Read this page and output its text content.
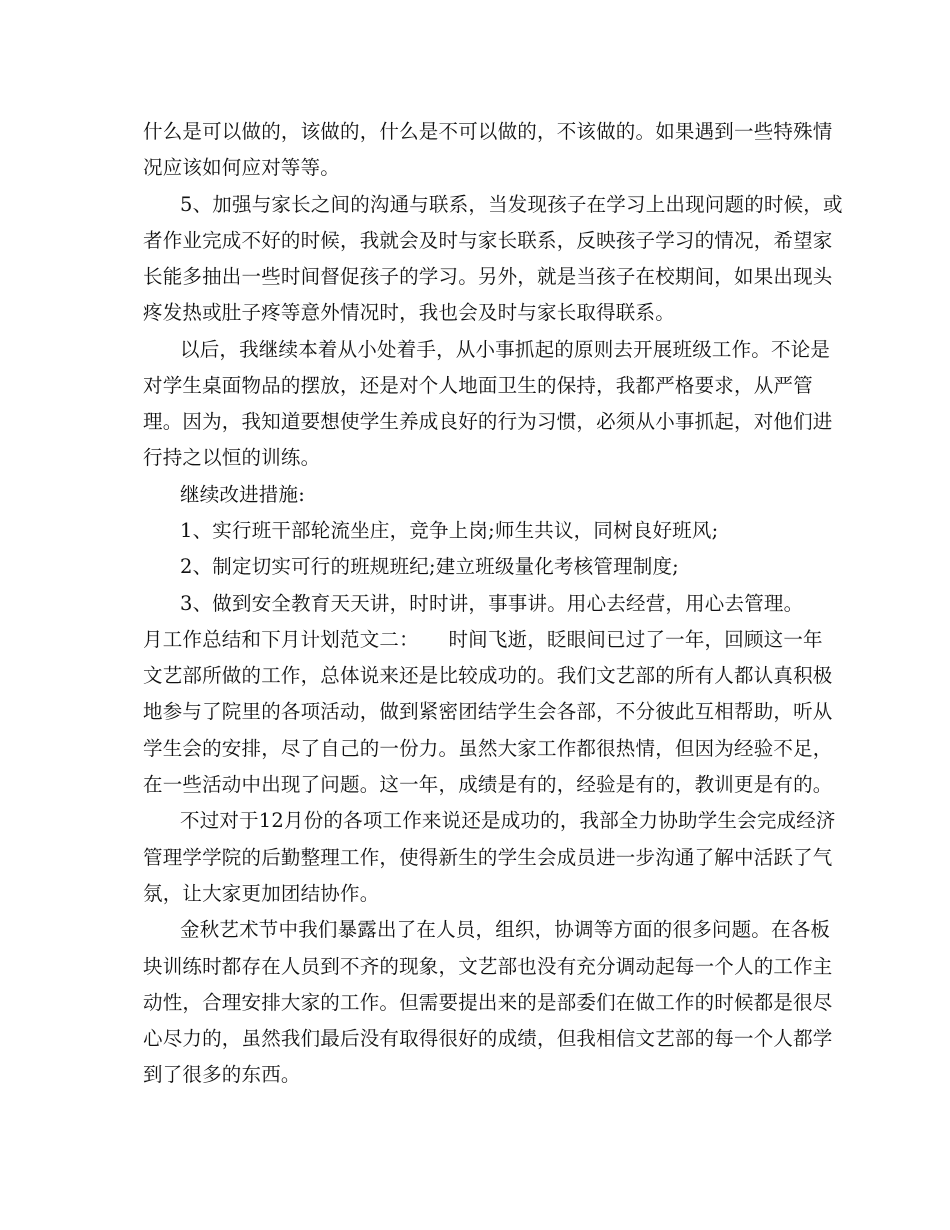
什么是可以做的，该做的，什么是不可以做的，不该做的。如果遇到一些特殊情
况应该如何应对等等。
5、加强与家长之间的沟通与联系，当发现孩子在学习上出现问题的时候，或
者作业完成不好的时候，我就会及时与家长联系，反映孩子学习的情况，希望家
长能多抽出一些时间督促孩子的学习。另外，就是当孩子在校期间，如果出现头
疼发热或肚子疼等意外情况时，我也会及时与家长取得联系。
以后，我继续本着从小处着手，从小事抓起的原则去开展班级工作。不论是
对学生桌面物品的摆放，还是对个人地面卫生的保持，我都严格要求，从严管
理。因为，我知道要想使学生养成良好的行为习惯，必须从小事抓起，对他们进
行持之以恒的训练。
继续改进措施:
1、实行班干部轮流坐庄，竞争上岗;师生共议，同树良好班风;
2、制定切实可行的班规班纪;建立班级量化考核管理制度;
3、做到安全教育天天讲，时时讲，事事讲。用心去经营，用心去管理。
月工作总结和下月计划范文二：　　时间飞逝，眨眼间已过了一年，回顾这一年
文艺部所做的工作，总体说来还是比较成功的。我们文艺部的所有人都认真积极
地参与了院里的各项活动，做到紧密团结学生会各部，不分彼此互相帮助，听从
学生会的安排，尽了自己的一份力。虽然大家工作都很热情，但因为经验不足，
在一些活动中出现了问题。这一年，成绩是有的，经验是有的，教训更是有的。
不过对于12月份的各项工作来说还是成功的，我部全力协助学生会完成经济
管理学学院的后勤整理工作，使得新生的学生会成员进一步沟通了解中活跃了气
氛，让大家更加团结协作。
金秋艺术节中我们暴露出了在人员，组织，协调等方面的很多问题。在各板
块训练时都存在人员到不齐的现象，文艺部也没有充分调动起每一个人的工作主
动性，合理安排大家的工作。但需要提出来的是部委们在做工作的时候都是很尽
心尽力的，虽然我们最后没有取得很好的成绩，但我相信文艺部的每一个人都学
到了很多的东西。
